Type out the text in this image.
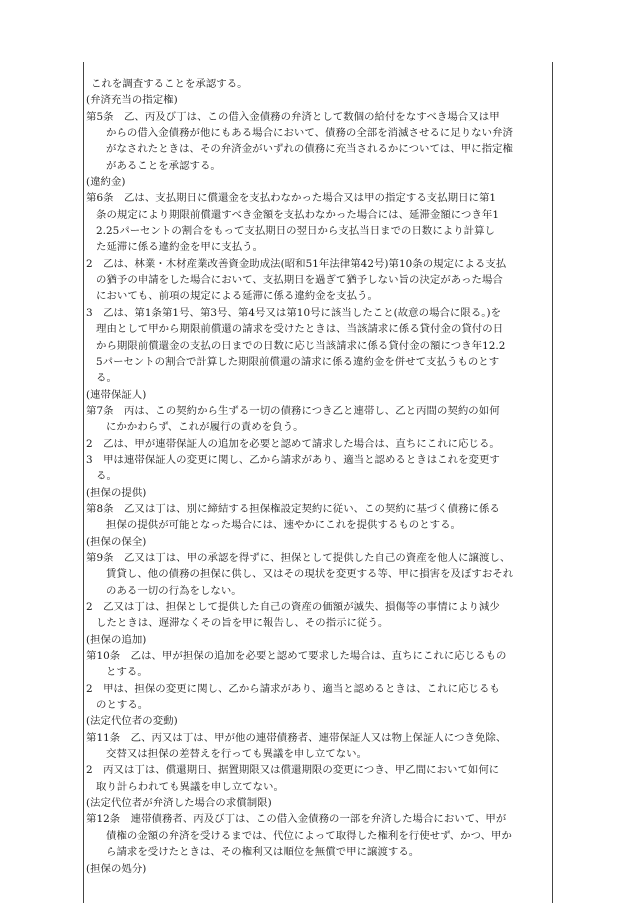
これを調査することを承認する。
(弁済充当の指定権)
第5条　乙、丙及び丁は、この借入金債務の弁済として数個の給付をなすべき場合又は甲
からの借入金債務が他にもある場合において、債務の全部を消滅させるに足りない弁済
がなされたときは、その弁済金がいずれの債務に充当されるかについては、甲に指定権
があることを承認する。
(違約金)
第6条　乙は、支払期日に償還金を支払わなかった場合又は甲の指定する支払期日に第1
条の規定により期限前償還すべき金額を支払わなかった場合には、延滞金額につき年1
2.25パーセントの割合をもって支払期日の翌日から支払当日までの日数により計算し
た延滞に係る違約金を甲に支払う。
2　乙は、林業・木材産業改善資金助成法(昭和51年法律第42号)第10条の規定による支払
の猶予の申請をした場合において、支払期日を過ぎて猶予しない旨の決定があった場合
においても、前項の規定による延滞に係る違約金を支払う。
3　乙は、第1条第1号、第3号、第4号又は第10号に該当したこと(故意の場合に限る。)を
理由として甲から期限前償還の請求を受けたときは、当該請求に係る貸付金の貸付の日
から期限前償還金の支払の日までの日数に応じ当該請求に係る貸付金の額につき年12.2
5パーセントの割合で計算した期限前償還の請求に係る違約金を併せて支払うものとす
る。
(連帯保証人)
第7条　丙は、この契約から生ずる一切の債務につき乙と連帯し、乙と丙間の契約の如何
にかかわらず、これが履行の責めを負う。
2　乙は、甲が連帯保証人の追加を必要と認めて請求した場合は、直ちにこれに応じる。
3　甲は連帯保証人の変更に関し、乙から請求があり、適当と認めるときはこれを変更す
る。
(担保の提供)
第8条　乙又は丁は、別に締結する担保権設定契約に従い、この契約に基づく債務に係る
担保の提供が可能となった場合には、速やかにこれを提供するものとする。
(担保の保全)
第9条　乙又は丁は、甲の承認を得ずに、担保として提供した自己の資産を他人に譲渡し、
賃貸し、他の債務の担保に供し、又はその現状を変更する等、甲に損害を及ぼすおそれ
のある一切の行為をしない。
2　乙又は丁は、担保として提供した自己の資産の価額が滅失、損傷等の事情により減少
したときは、遅滞なくその旨を甲に報告し、その指示に従う。
(担保の追加)
第10条　乙は、甲が担保の追加を必要と認めて要求した場合は、直ちにこれに応じるもの
とする。
2　甲は、担保の変更に関し、乙から請求があり、適当と認めるときは、これに応じるも
のとする。
(法定代位者の変動)
第11条　乙、丙又は丁は、甲が他の連帯債務者、連帯保証人又は物上保証人につき免除、
交替又は担保の差替えを行っても異議を申し立てない。
2　丙又は丁は、償還期日、据置期限又は償還期限の変更につき、甲乙間において如何に
取り計らわれても異議を申し立てない。
(法定代位者が弁済した場合の求償制限)
第12条　連帯債務者、丙及び丁は、この借入金債務の一部を弁済した場合において、甲が
債権の金額の弁済を受けるまでは、代位によって取得した権利を行使せず、かつ、甲か
ら請求を受けたときは、その権利又は順位を無償で甲に譲渡する。
(担保の処分)
